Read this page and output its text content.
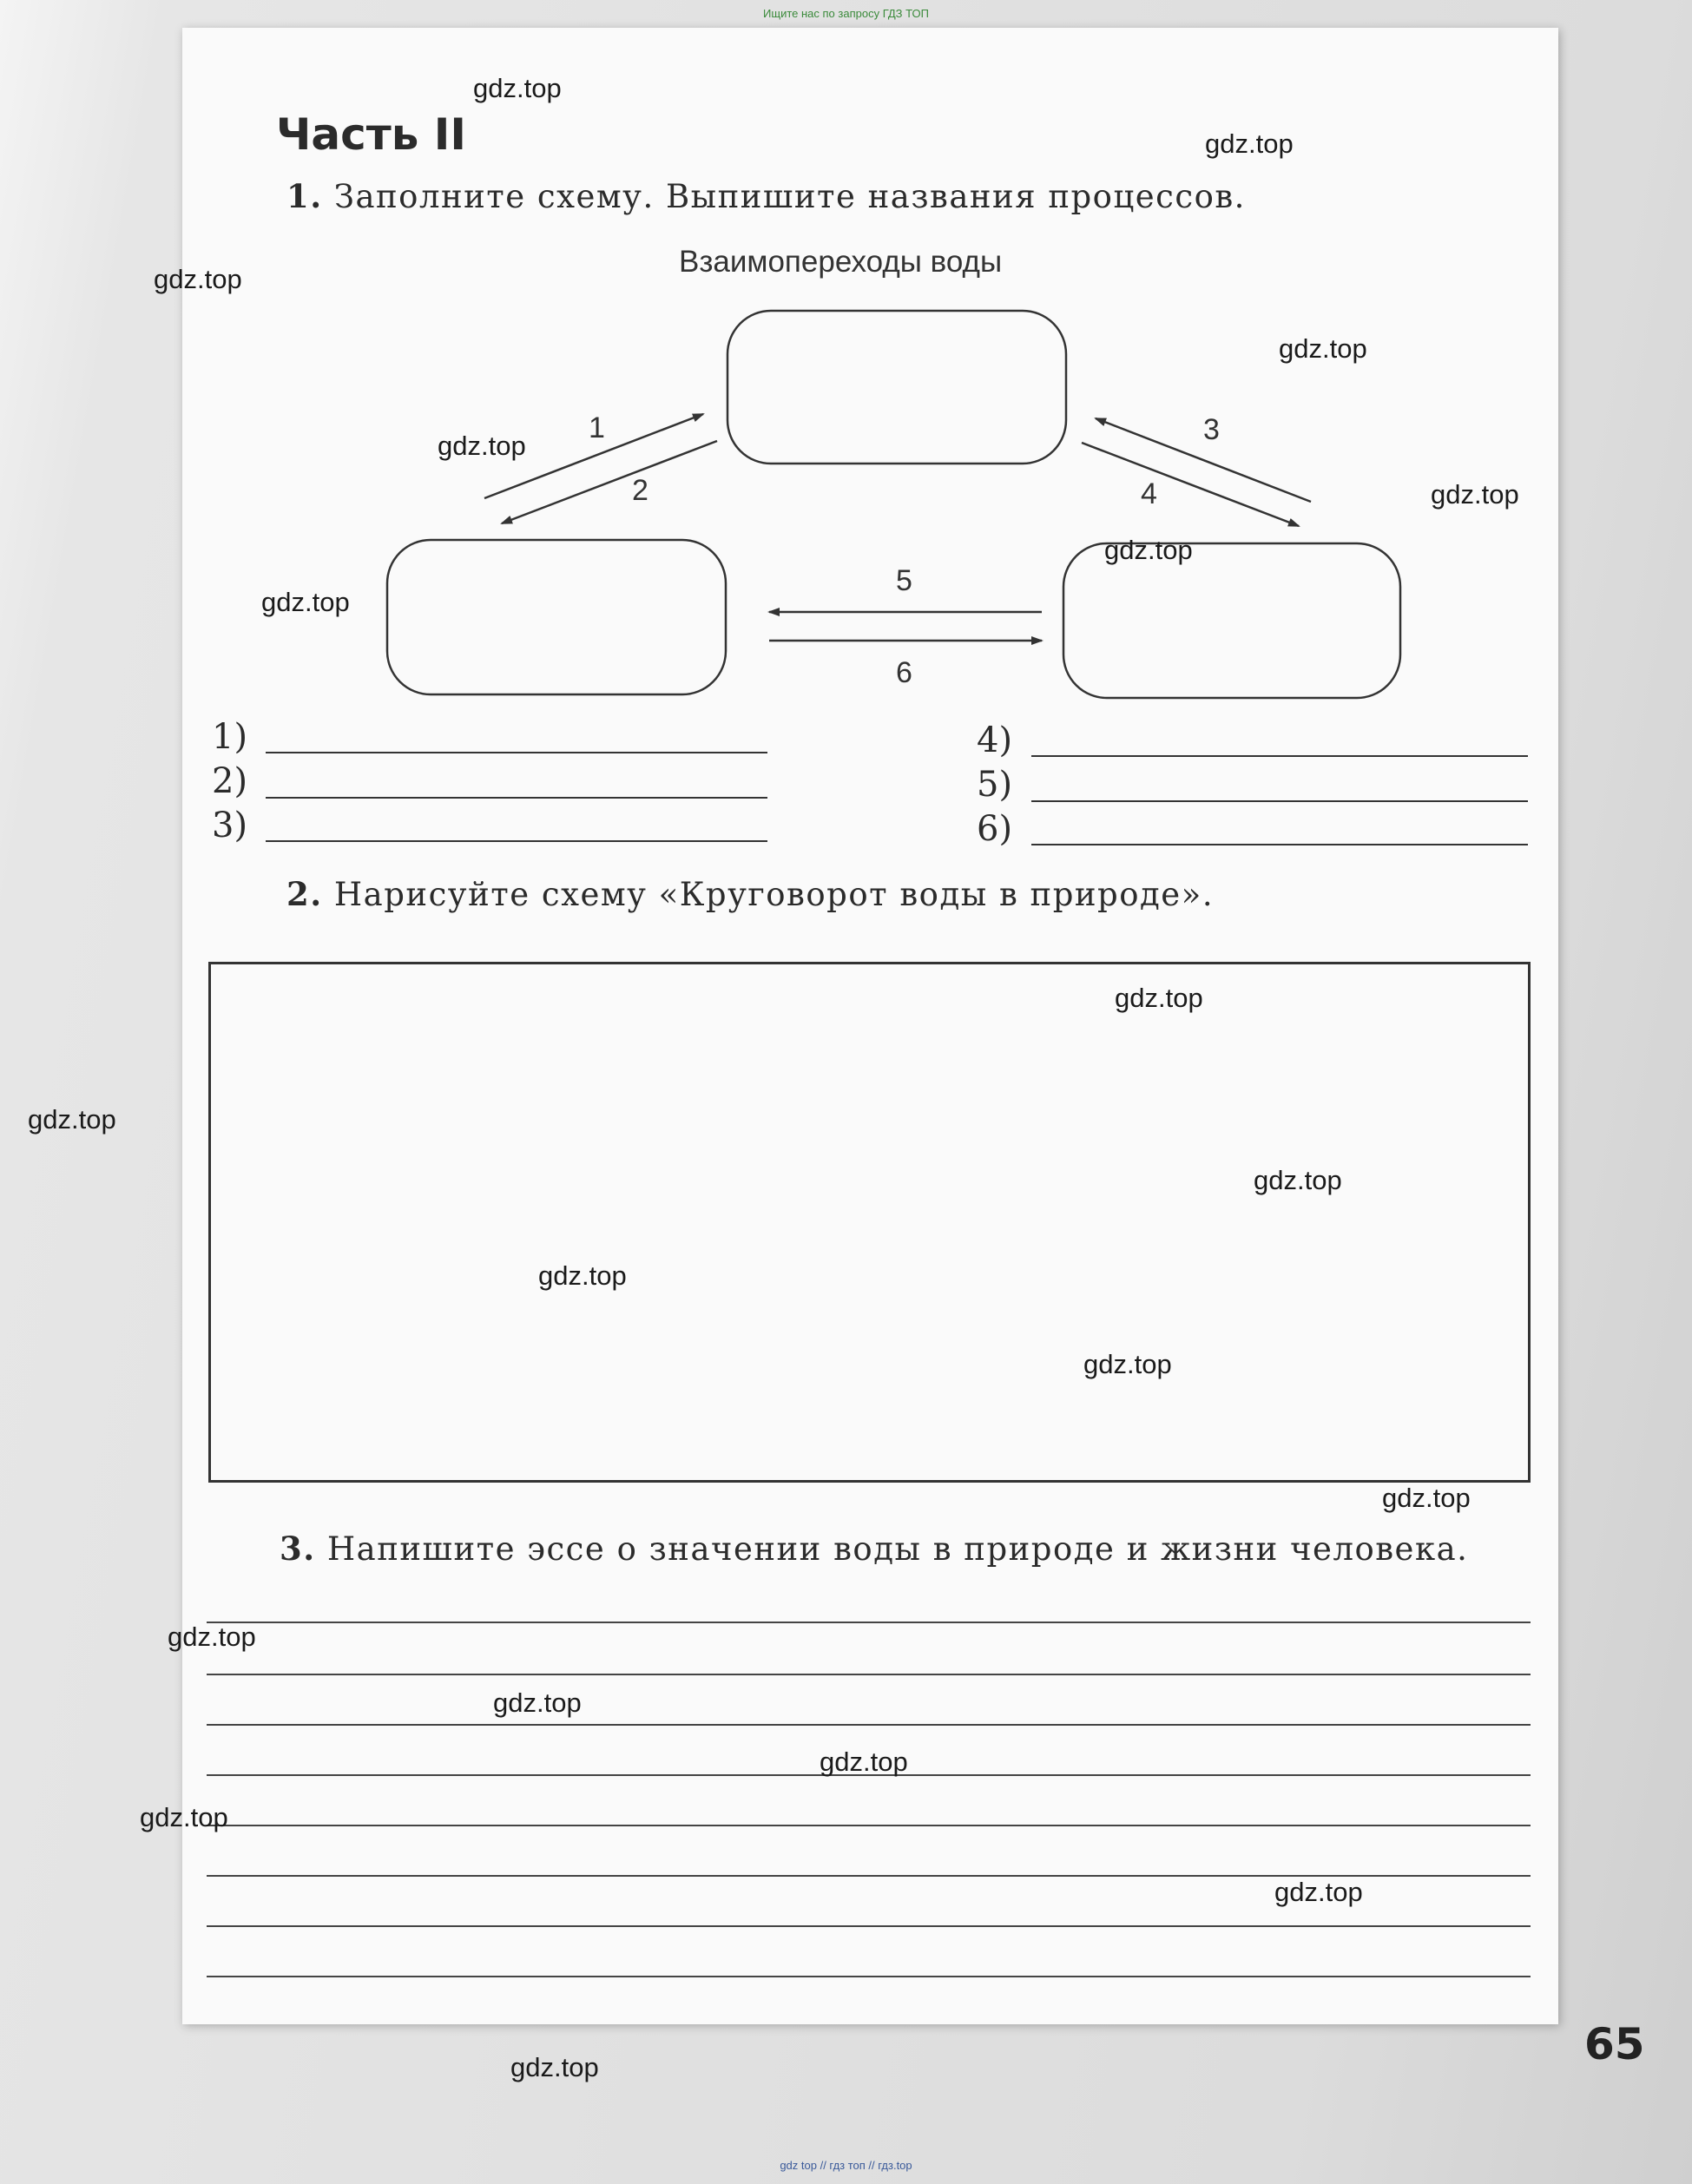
Ищите нас по запросу ГДЗ ТОП
Часть II
1. Заполните схему. Выпишите названия процессов.
Взаимопереходы воды
1
2
3
4
5
6
1)
2)
3)
4)
5)
6)
2. Нарисуйте схему «Круговорот воды в природе».
3. Напишите эссе о значении воды в природе и жизни человека.
65
gdz.top
gdz.top
gdz.top
gdz.top
gdz.top
gdz.top
gdz.top
gdz.top
gdz.top
gdz.top
gdz.top
gdz.top
gdz.top
gdz.top
gdz.top
gdz.top
gdz.top
gdz.top
gdz.top
gdz.top
gdz top // гдз топ // гдз.top
